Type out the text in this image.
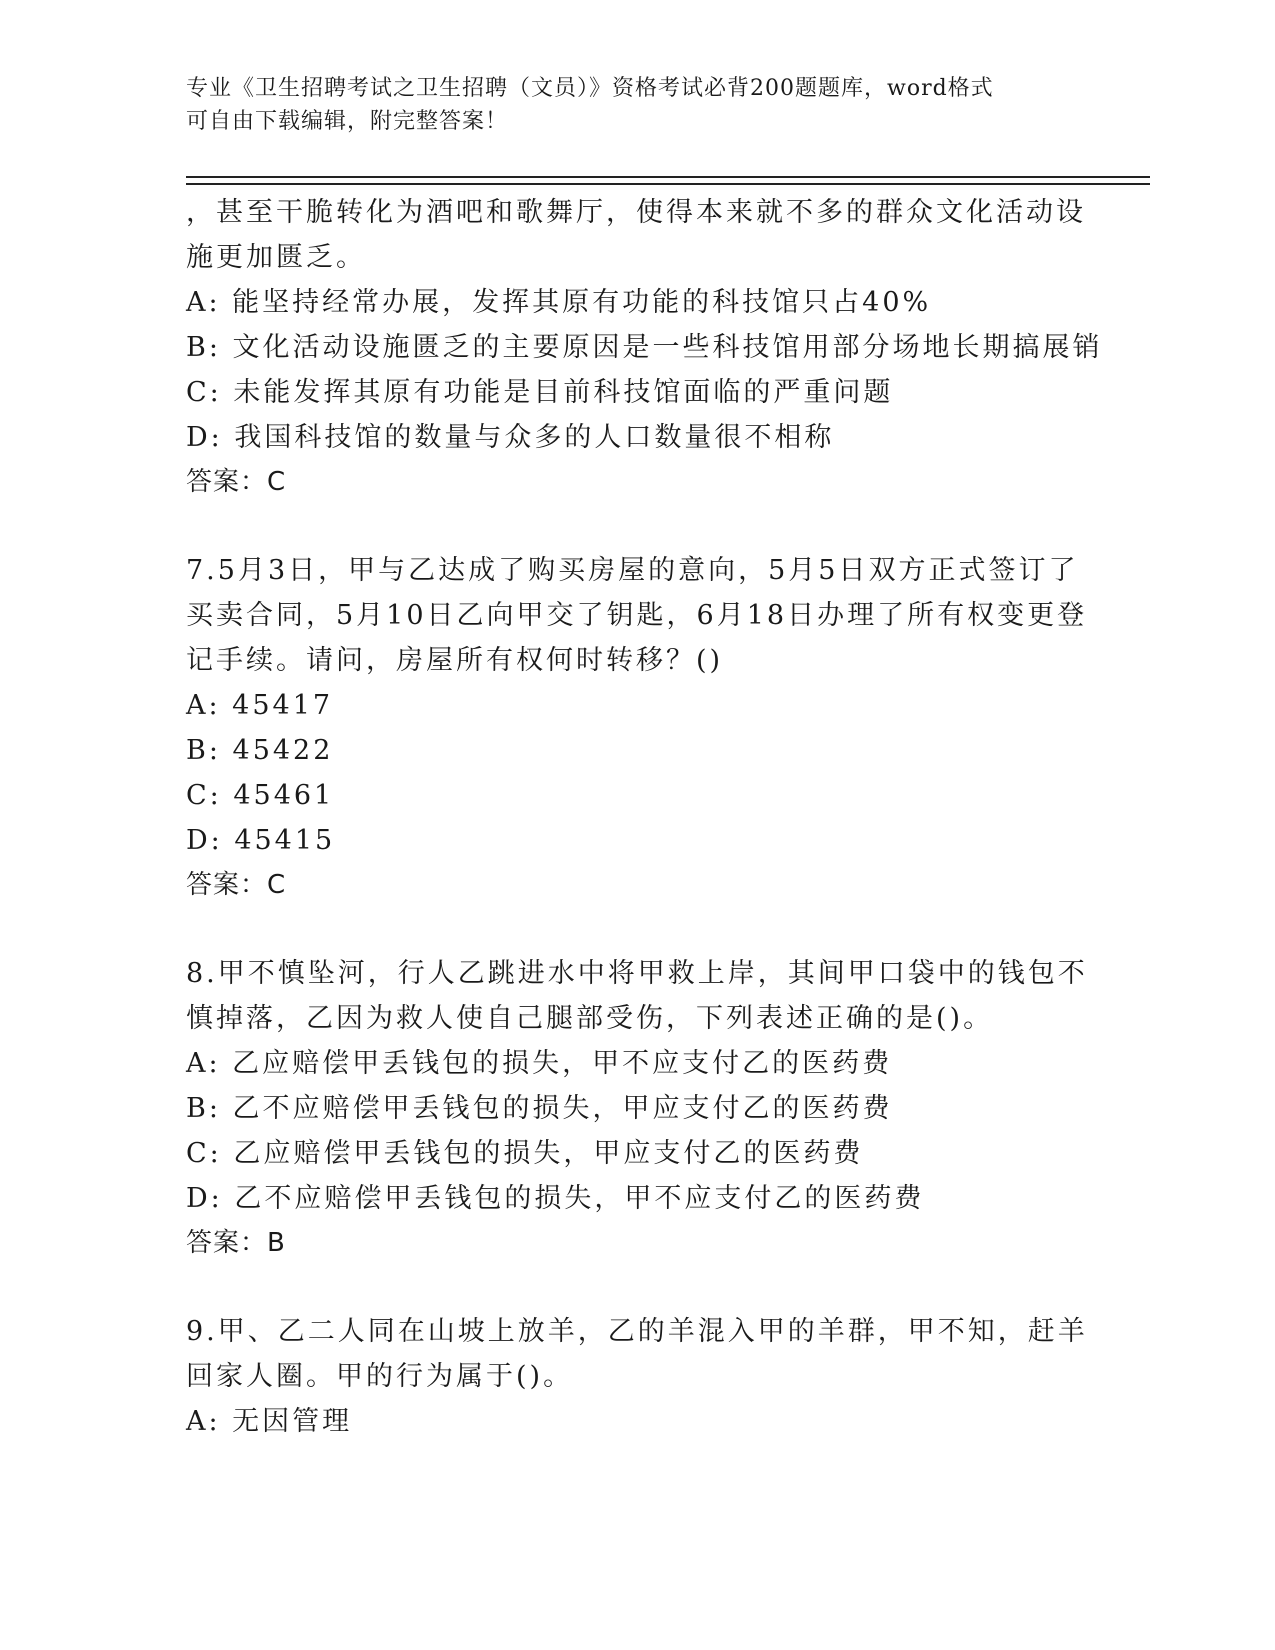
专业《卫生招聘考试之卫生招聘（文员）》资格考试必背200题题库，word格式
可自由下载编辑，附完整答案！
，甚至干脆转化为酒吧和歌舞厅，使得本来就不多的群众文化活动设
施更加匮乏。
A: 能坚持经常办展，发挥其原有功能的科技馆只占40%
B: 文化活动设施匮乏的主要原因是一些科技馆用部分场地长期搞展销
C: 未能发挥其原有功能是目前科技馆面临的严重问题
D: 我国科技馆的数量与众多的人口数量很不相称
答案：C
7.5月3日，甲与乙达成了购买房屋的意向，5月5日双方正式签订了
买卖合同，5月10日乙向甲交了钥匙，6月18日办理了所有权变更登
记手续。请问，房屋所有权何时转移？()
A: 45417
B: 45422
C: 45461
D: 45415
答案：C
8.甲不慎坠河，行人乙跳进水中将甲救上岸，其间甲口袋中的钱包不
慎掉落，乙因为救人使自己腿部受伤，下列表述正确的是()。
A: 乙应赔偿甲丢钱包的损失，甲不应支付乙的医药费
B: 乙不应赔偿甲丢钱包的损失，甲应支付乙的医药费
C: 乙应赔偿甲丢钱包的损失，甲应支付乙的医药费
D: 乙不应赔偿甲丢钱包的损失，甲不应支付乙的医药费
答案：B
9.甲、乙二人同在山坡上放羊，乙的羊混入甲的羊群，甲不知，赶羊
回家人圈。甲的行为属于()。
A: 无因管理
